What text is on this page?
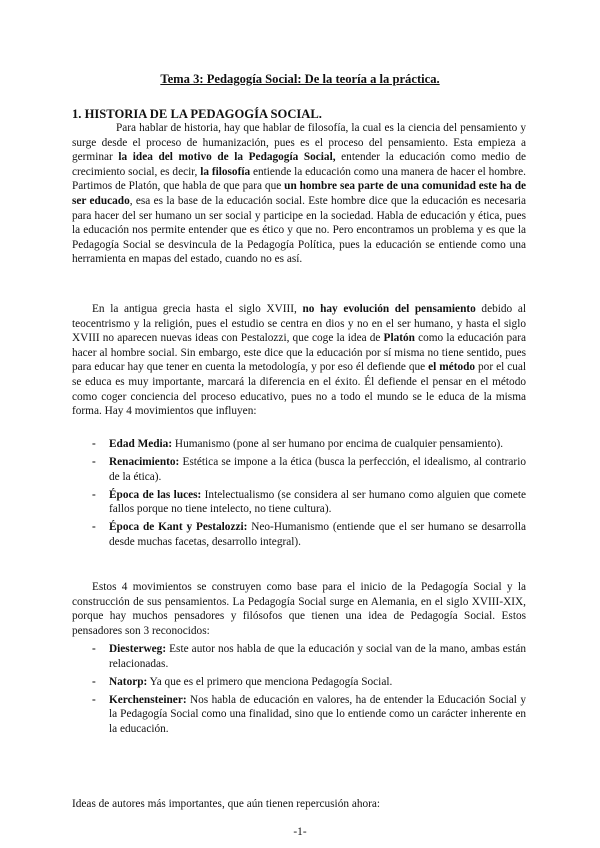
Tema 3: Pedagogía Social: De la teoría a la práctica.
1. HISTORIA DE LA PEDAGOGÍA SOCIAL.

Para hablar de historia, hay que hablar de filosofía, la cual es la ciencia del pensamiento y surge desde el proceso de humanización, pues es el proceso del pensamiento. Esta empieza a germinar la idea del motivo de la Pedagogía Social, entender la educación como medio de crecimiento social, es decir, la filosofía entiende la educación como una manera de hacer el hombre. Partimos de Platón, que habla de que para que un hombre sea parte de una comunidad este ha de ser educado, esa es la base de la educación social. Este hombre dice que la educación es necesaria para hacer del ser humano un ser social y participe en la sociedad. Habla de educación y ética, pues la educación nos permite entender que es ético y que no. Pero encontramos un problema y es que la Pedagogía Social se desvincula de la Pedagogía Política, pues la educación se entiende como una herramienta en mapas del estado, cuando no es así.

En la antigua grecia hasta el siglo XVIII, no hay evolución del pensamiento debido al teocentrismo y la religión, pues el estudio se centra en dios y no en el ser humano, y hasta el siglo XVIII no aparecen nuevas ideas con Pestalozzi, que coge la idea de Platón como la educación para hacer al hombre social. Sin embargo, este dice que la educación por sí misma no tiene sentido, pues para educar hay que tener en cuenta la metodología, y por eso él defiende que el método por el cual se educa es muy importante, marcará la diferencia en el éxito. Él defiende el pensar en el método como coger conciencia del proceso educativo, pues no a todo el mundo se le educa de la misma forma. Hay 4 movimientos que influyen:

- Edad Media: Humanismo (pone al ser humano por encima de cualquier pensamiento).
- Renacimiento: Estética se impone a la ética (busca la perfección, el idealismo, al contrario de la ética).
- Época de las luces: Intelectualismo (se considera al ser humano como alguien que comete fallos porque no tiene intelecto, no tiene cultura).
- Época de Kant y Pestalozzi: Neo-Humanismo (entiende que el ser humano se desarrolla desde muchas facetas, desarrollo integral).

Estos 4 movimientos se construyen como base para el inicio de la Pedagogía Social y la construcción de sus pensamientos. La Pedagogía Social surge en Alemania, en el siglo XVIII-XIX, porque hay muchos pensadores y filósofos que tienen una idea de Pedagogía Social. Estos pensadores son 3 reconocidos:

- Diesterweg: Este autor nos habla de que la educación y social van de la mano, ambas están relacionadas.
- Natorp: Ya que es el primero que menciona Pedagogía Social.
- Kerchensteiner: Nos habla de educación en valores, ha de entender la Educación Social y la Pedagogía Social como una finalidad, sino que lo entiende como un carácter inherente en la educación.

Ideas de autores más importantes, que aún tienen repercusión ahora:

-1-
